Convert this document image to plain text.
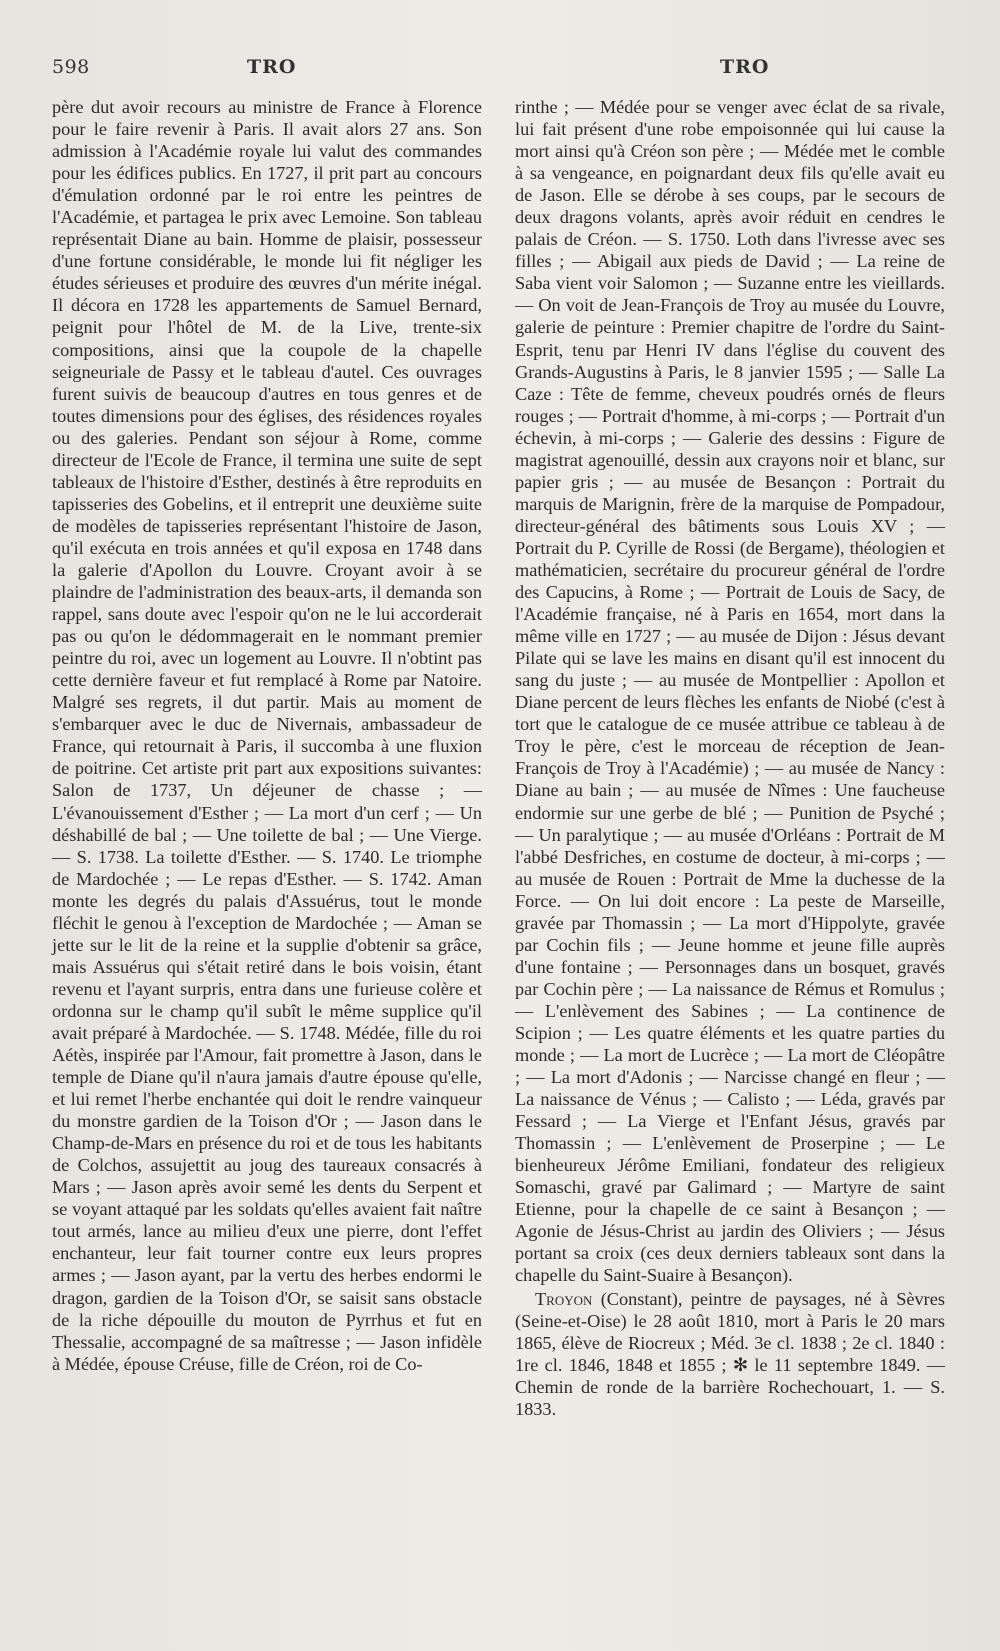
598	TRO	TRO

père dut avoir recours au ministre de France à Florence pour le faire revenir à Paris. Il avait alors 27 ans. Son admission à l'Académie royale lui valut des commandes pour les édifices publics. En 1727, il prit part au concours d'émulation ordonné par le roi entre les peintres de l'Académie, et partagea le prix avec Lemoine. Son tableau représentait Diane au bain. Homme de plaisir, possesseur d'une fortune considérable, le monde lui fit négliger les études sérieuses et produire des œuvres d'un mérite inégal. Il décora en 1728 les appartements de Samuel Bernard, peignit pour l'hôtel de M. de la Live, trente-six compositions, ainsi que la coupole de la chapelle seigneuriale de Passy et le tableau d'autel. Ces ouvrages furent suivis de beaucoup d'autres en tous genres et de toutes dimensions pour des églises, des résidences royales ou des galeries. Pendant son séjour à Rome, comme directeur de l'Ecole de France, il termina une suite de sept tableaux de l'histoire d'Esther, destinés à être reproduits en tapisseries des Gobelins, et il entreprit une deuxième suite de modèles de tapisseries représentant l'histoire de Jason, qu'il exécuta en trois années et qu'il exposa en 1748 dans la galerie d'Apollon du Louvre. Croyant avoir à se plaindre de l'administration des beaux-arts, il demanda son rappel, sans doute avec l'espoir qu'on ne le lui accorderait pas ou qu'on le dédommagerait en le nommant premier peintre du roi, avec un logement au Louvre. Il n'obtint pas cette dernière faveur et fut remplacé à Rome par Natoire. Malgré ses regrets, il dut partir. Mais au moment de s'embarquer avec le duc de Nivernais, ambassadeur de France, qui retournait à Paris, il succomba à une fluxion de poitrine. Cet artiste prit part aux expositions suivantes: Salon de 1737, Un déjeuner de chasse ; — L'évanouissement d'Esther ; — La mort d'un cerf ; — Un déshabillé de bal ; — Une toilette de bal ; — Une Vierge. — S. 1738. La toilette d'Esther. — S. 1740. Le triomphe de Mardochée ; — Le repas d'Esther. — S. 1742. Aman monte les degrés du palais d'Assuérus, tout le monde fléchit le genou à l'exception de Mardochée ; — Aman se jette sur le lit de la reine et la supplie d'obtenir sa grâce, mais Assuérus qui s'était retiré dans le bois voisin, étant revenu et l'ayant surpris, entra dans une furieuse colère et ordonna sur le champ qu'il subît le même supplice qu'il avait préparé à Mardochée. — S. 1748. Médée, fille du roi Aétès, inspirée par l'Amour, fait promettre à Jason, dans le temple de Diane qu'il n'aura jamais d'autre épouse qu'elle, et lui remet l'herbe enchantée qui doit le rendre vainqueur du monstre gardien de la Toison d'Or ; — Jason dans le Champ-de-Mars en présence du roi et de tous les habitants de Colchos, assujettit au joug des taureaux consacrés à Mars ; — Jason après avoir semé les dents du Serpent et se voyant attaqué par les soldats qu'elles avaient fait naître tout armés, lance au milieu d'eux une pierre, dont l'effet enchanteur, leur fait tourner contre eux leurs propres armes ; — Jason ayant, par la vertu des herbes endormi le dragon, gardien de la Toison d'Or, se saisit sans obstacle de la riche dépouille du mouton de Pyrrhus et fut en Thessalie, accompagné de sa maîtresse ; — Jason infidèle à Médée, épouse Créuse, fille de Créon, roi de Co-

rinthe ; — Médée pour se venger avec éclat de sa rivale, lui fait présent d'une robe empoisonnée qui lui cause la mort ainsi qu'à Créon son père ; — Médée met le comble à sa vengeance, en poignardant deux fils qu'elle avait eu de Jason. Elle se dérobe à ses coups, par le secours de deux dragons volants, après avoir réduit en cendres le palais de Créon. — S. 1750. Loth dans l'ivresse avec ses filles ; — Abigail aux pieds de David ; — La reine de Saba vient voir Salomon ; — Suzanne entre les vieillards. — On voit de Jean-François de Troy au musée du Louvre, galerie de peinture : Premier chapitre de l'ordre du Saint-Esprit, tenu par Henri IV dans l'église du couvent des Grands-Augustins à Paris, le 8 janvier 1595 ; — Salle La Caze : Tête de femme, cheveux poudrés ornés de fleurs rouges ; — Portrait d'homme, à mi-corps ; — Portrait d'un échevin, à mi-corps ; — Galerie des dessins : Figure de magistrat agenouillé, dessin aux crayons noir et blanc, sur papier gris ; — au musée de Besançon : Portrait du marquis de Marignin, frère de la marquise de Pompadour, directeur-général des bâtiments sous Louis XV ; — Portrait du P. Cyrille de Rossi (de Bergame), théologien et mathématicien, secrétaire du procureur général de l'ordre des Capucins, à Rome ; — Portrait de Louis de Sacy, de l'Académie française, né à Paris en 1654, mort dans la même ville en 1727 ; — au musée de Dijon : Jésus devant Pilate qui se lave les mains en disant qu'il est innocent du sang du juste ; — au musée de Montpellier : Apollon et Diane percent de leurs flèches les enfants de Niobé (c'est à tort que le catalogue de ce musée attribue ce tableau à de Troy le père, c'est le morceau de réception de Jean-François de Troy à l'Académie) ; — au musée de Nancy : Diane au bain ; — au musée de Nîmes : Une faucheuse endormie sur une gerbe de blé ; — Punition de Psyché ; — Un paralytique ; — au musée d'Orléans : Portrait de M l'abbé Desfriches, en costume de docteur, à mi-corps ; — au musée de Rouen : Portrait de Mme la duchesse de la Force. — On lui doit encore : La peste de Marseille, gravée par Thomassin ; — La mort d'Hippolyte, gravée par Cochin fils ; — Jeune homme et jeune fille auprès d'une fontaine ; — Personnages dans un bosquet, gravés par Cochin père ; — La naissance de Rémus et Romulus ; — L'enlèvement des Sabines ; — La continence de Scipion ; — Les quatre éléments et les quatre parties du monde ; — La mort de Lucrèce ; — La mort de Cléopâtre ; — La mort d'Adonis ; — Narcisse changé en fleur ; — La naissance de Vénus ; — Calisto ; — Léda, gravés par Fessard ; — La Vierge et l'Enfant Jésus, gravés par Thomassin ; — L'enlèvement de Proserpine ; — Le bienheureux Jérôme Emiliani, fondateur des religieux Somaschi, gravé par Galimard ; — Martyre de saint Etienne, pour la chapelle de ce saint à Besançon ; — Agonie de Jésus-Christ au jardin des Oliviers ; — Jésus portant sa croix (ces deux derniers tableaux sont dans la chapelle du Saint-Suaire à Besançon).

Troyon (Constant), peintre de paysages, né à Sèvres (Seine-et-Oise) le 28 août 1810, mort à Paris le 20 mars 1865, élève de Riocreux ; Méd. 3e cl. 1838 ; 2e cl. 1840 : 1re cl. 1846, 1848 et 1855 ; ✻ le 11 septembre 1849. — Chemin de ronde de la barrière Rochechouart, 1. — S. 1833.
